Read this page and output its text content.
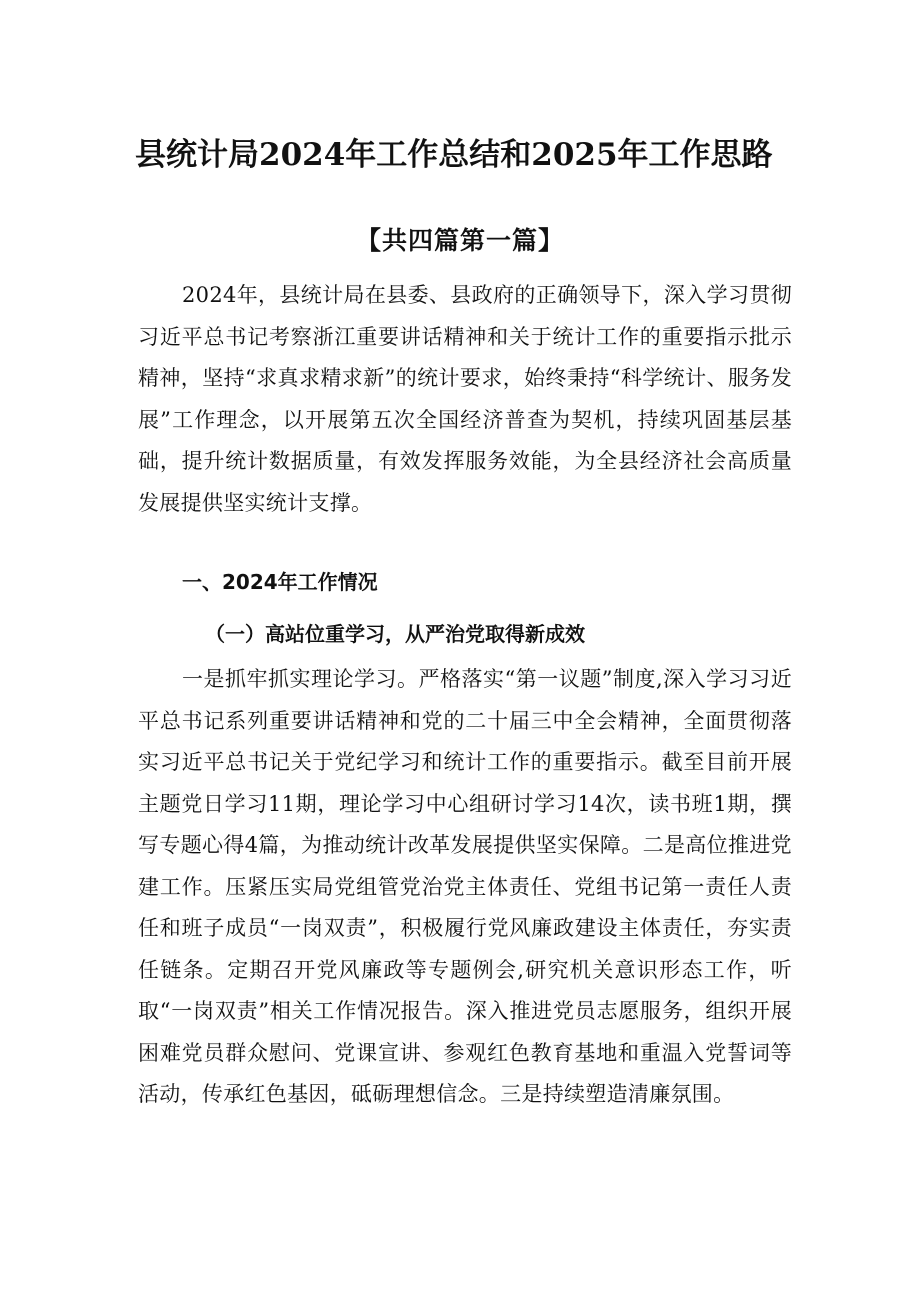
县统计局2024年工作总结和2025年工作思路
【共四篇第一篇】
2024年，县统计局在县委、县政府的正确领导下，深入学习贯彻习近平总书记考察浙江重要讲话精神和关于统计工作的重要指示批示精神，坚持“求真求精求新”的统计要求，始终秉持“科学统计、服务发展”工作理念，以开展第五次全国经济普查为契机，持续巩固基层基础，提升统计数据质量，有效发挥服务效能，为全县经济社会高质量发展提供坚实统计支撑。
一、2024年工作情况
（一）高站位重学习，从严治党取得新成效
一是抓牢抓实理论学习。严格落实“第一议题”制度,深入学习习近平总书记系列重要讲话精神和党的二十届三中全会精神，全面贯彻落实习近平总书记关于党纪学习和统计工作的重要指示。截至目前开展主题党日学习11期，理论学习中心组研讨学习14次，读书班1期，撰写专题心得4篇，为推动统计改革发展提供坚实保障。二是高位推进党建工作。压紧压实局党组管党治党主体责任、党组书记第一责任人责任和班子成员“一岗双责”，积极履行党风廉政建设主体责任，夯实责任链条。定期召开党风廉政等专题例会,研究机关意识形态工作，听取“一岗双责”相关工作情况报告。深入推进党员志愿服务，组织开展困难党员群众慰问、党课宣讲、参观红色教育基地和重温入党誓词等活动，传承红色基因，砥砺理想信念。三是持续塑造清廉氛围。
